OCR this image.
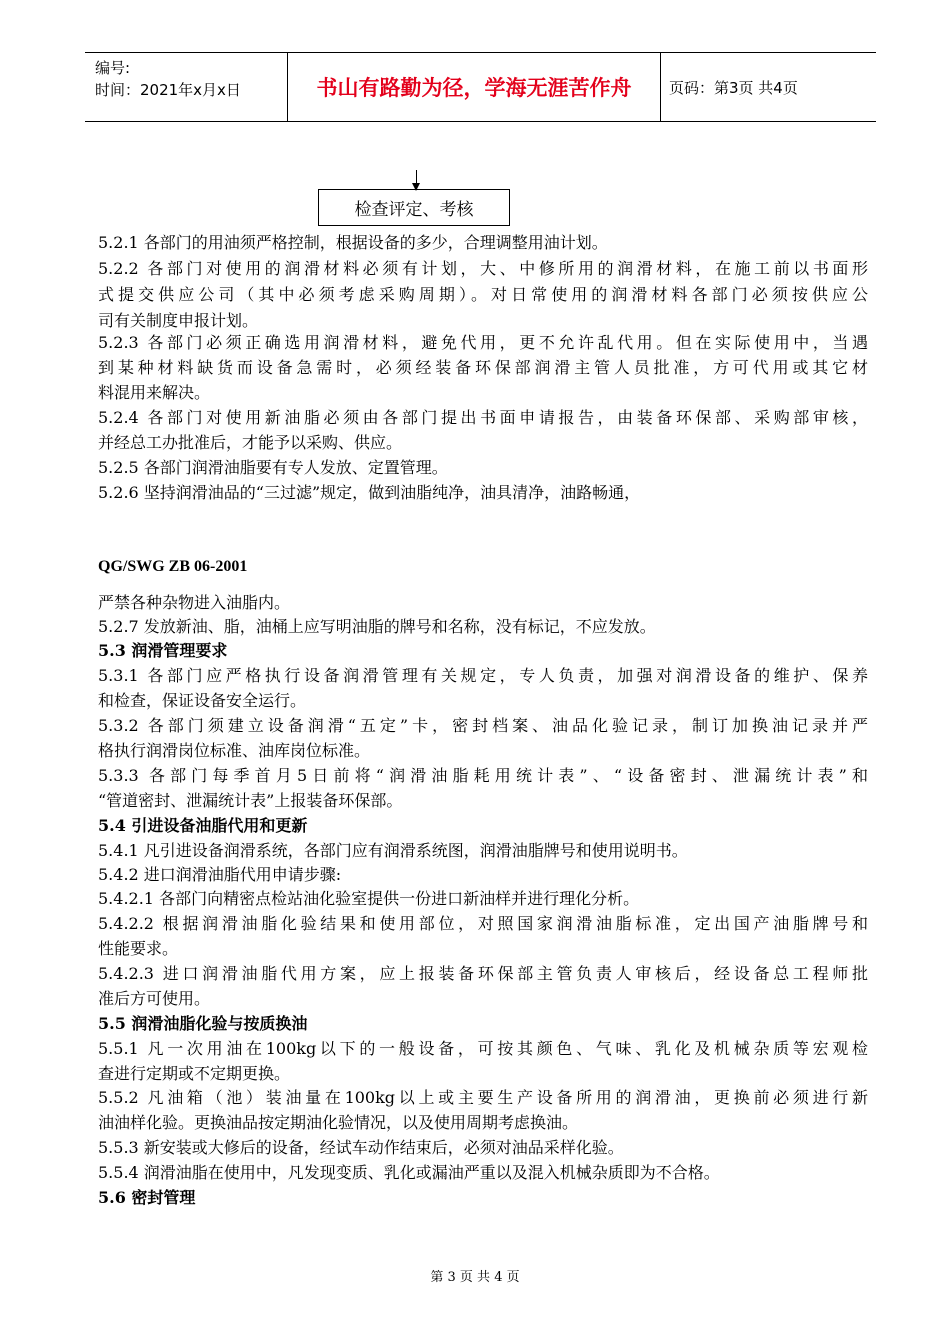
编号:
时间：2021年x月x日	书山有路勤为径，学海无涯苦作舟	页码：第3页 共4页
检查评定、考核
5.2.1 各部门的用油须严格控制，根据设备的多少，合理调整用油计划。
5.2.2 各部门对使用的润滑材料必须有计划，大、中修所用的润滑材料，在施工前以书面形
式提交供应公司（其中必须考虑采购周期）。对日常使用的润滑材料各部门必须按供应公
司有关制度申报计划。
5.2.3 各部门必须正确选用润滑材料，避免代用，更不允许乱代用。但在实际使用中，当遇
到某种材料缺货而设备急需时，必须经装备环保部润滑主管人员批准，方可代用或其它材
料混用来解决。
5.2.4 各部门对使用新油脂必须由各部门提出书面申请报告，由装备环保部、采购部审核，
并经总工办批准后，才能予以采购、供应。
5.2.5 各部门润滑油脂要有专人发放、定置管理。
5.2.6 坚持润滑油品的“三过滤”规定，做到油脂纯净，油具清净，油路畅通，
QG/SWG ZB 06-2001
严禁各种杂物进入油脂内。
5.2.7 发放新油、脂，油桶上应写明油脂的牌号和名称，没有标记，不应发放。
5.3 润滑管理要求
5.3.1 各部门应严格执行设备润滑管理有关规定，专人负责，加强对润滑设备的维护、保养
和检查，保证设备安全运行。
5.3.2 各部门须建立设备润滑“五定”卡，密封档案、油品化验记录，制订加换油记录并严
格执行润滑岗位标准、油库岗位标准。
5.3.3 各部门每季首月5日前将“润滑油脂耗用统计表”、“设备密封、泄漏统计表”和
“管道密封、泄漏统计表”上报装备环保部。
5.4 引进设备油脂代用和更新
5.4.1 凡引进设备润滑系统，各部门应有润滑系统图，润滑油脂牌号和使用说明书。
5.4.2 进口润滑油脂代用申请步骤:
5.4.2.1 各部门向精密点检站油化验室提供一份进口新油样并进行理化分析。
5.4.2.2 根据润滑油脂化验结果和使用部位，对照国家润滑油脂标准，定出国产油脂牌号和
性能要求。
5.4.2.3 进口润滑油脂代用方案，应上报装备环保部主管负责人审核后，经设备总工程师批
准后方可使用。
5.5 润滑油脂化验与按质换油
5.5.1 凡一次用油在100kg以下的一般设备，可按其颜色、气味、乳化及机械杂质等宏观检
查进行定期或不定期更换。
5.5.2 凡油箱（池）装油量在100kg以上或主要生产设备所用的润滑油，更换前必须进行新
油油样化验。更换油品按定期油化验情况，以及使用周期考虑换油。
5.5.3 新安装或大修后的设备，经试车动作结束后，必须对油品采样化验。
5.5.4 润滑油脂在使用中，凡发现变质、乳化或漏油严重以及混入机械杂质即为不合格。
5.6 密封管理
第 3 页 共 4 页
